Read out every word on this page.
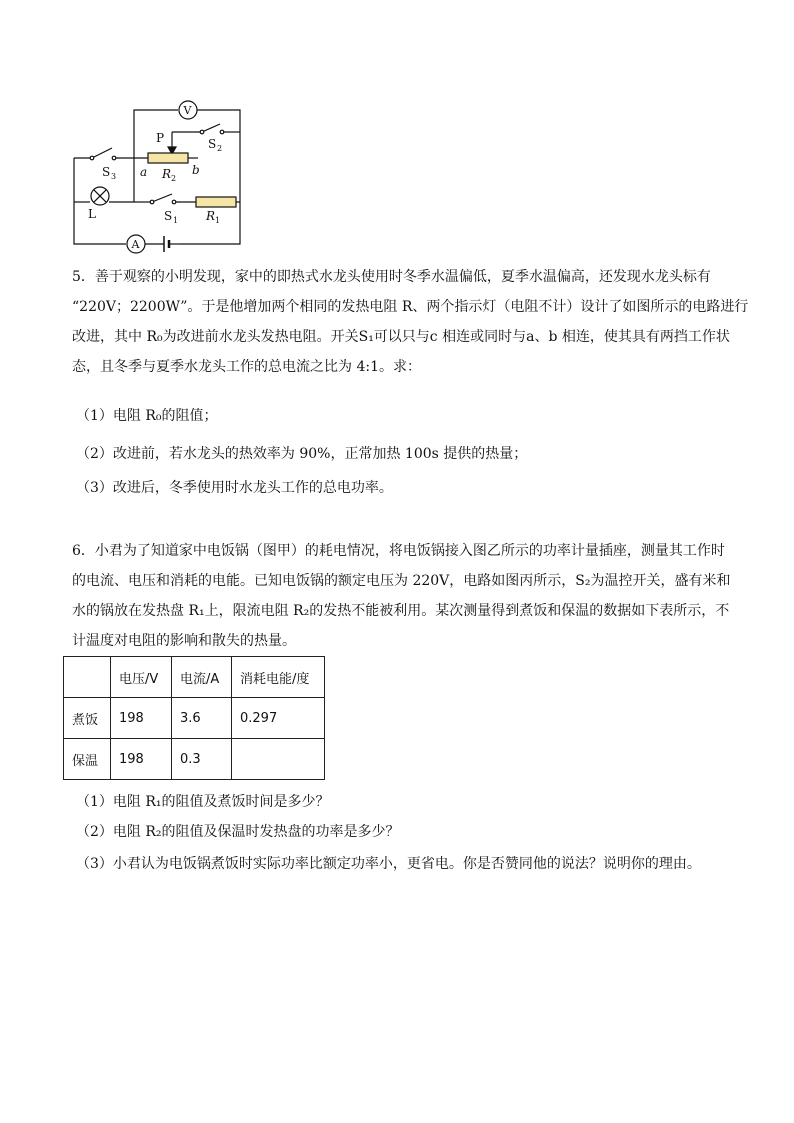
A
V
S 2
P
S 3 a R 2
b
L	S 1 R 1
5．善于观察的小明发现，家中的即热式水龙头使用时冬季水温偏低，夏季水温偏高，还发现水龙头标有
“220V；2200W”。于是他增加两个相同的发热电阻 R、两个指示灯（电阻不计）设计了如图所示的电路进行
改进，其中 R₀为改进前水龙头发热电阻。开关S₁可以只与c 相连或同时与a、b 相连，使其具有两挡工作状
态，且冬季与夏季水龙头工作的总电流之比为 4:1。求：
（1）电阻 R₀的阻值；
（2）改进前，若水龙头的热效率为 90%，正常加热 100s 提供的热量；
（3）改进后，冬季使用时水龙头工作的总电功率。
6．小君为了知道家中电饭锅（图甲）的耗电情况，将电饭锅接入图乙所示的功率计量插座，测量其工作时
的电流、电压和消耗的电能。已知电饭锅的额定电压为 220V，电路如图丙所示，S₂为温控开关，盛有米和
水的锅放在发热盘 R₁上，限流电阻 R₂的发热不能被利用。某次测量得到煮饭和保温的数据如下表所示，不
计温度对电阻的影响和散失的热量。
	电压/V	电流/A	消耗电能/度
煮饭	198	3.6	0.297
保温	198	0.3	
（1）电阻 R₁的阻值及煮饭时间是多少？
（2）电阻 R₂的阻值及保温时发热盘的功率是多少？
（3）小君认为电饭锅煮饭时实际功率比额定功率小，更省电。你是否赞同他的说法？说明你的理由。
